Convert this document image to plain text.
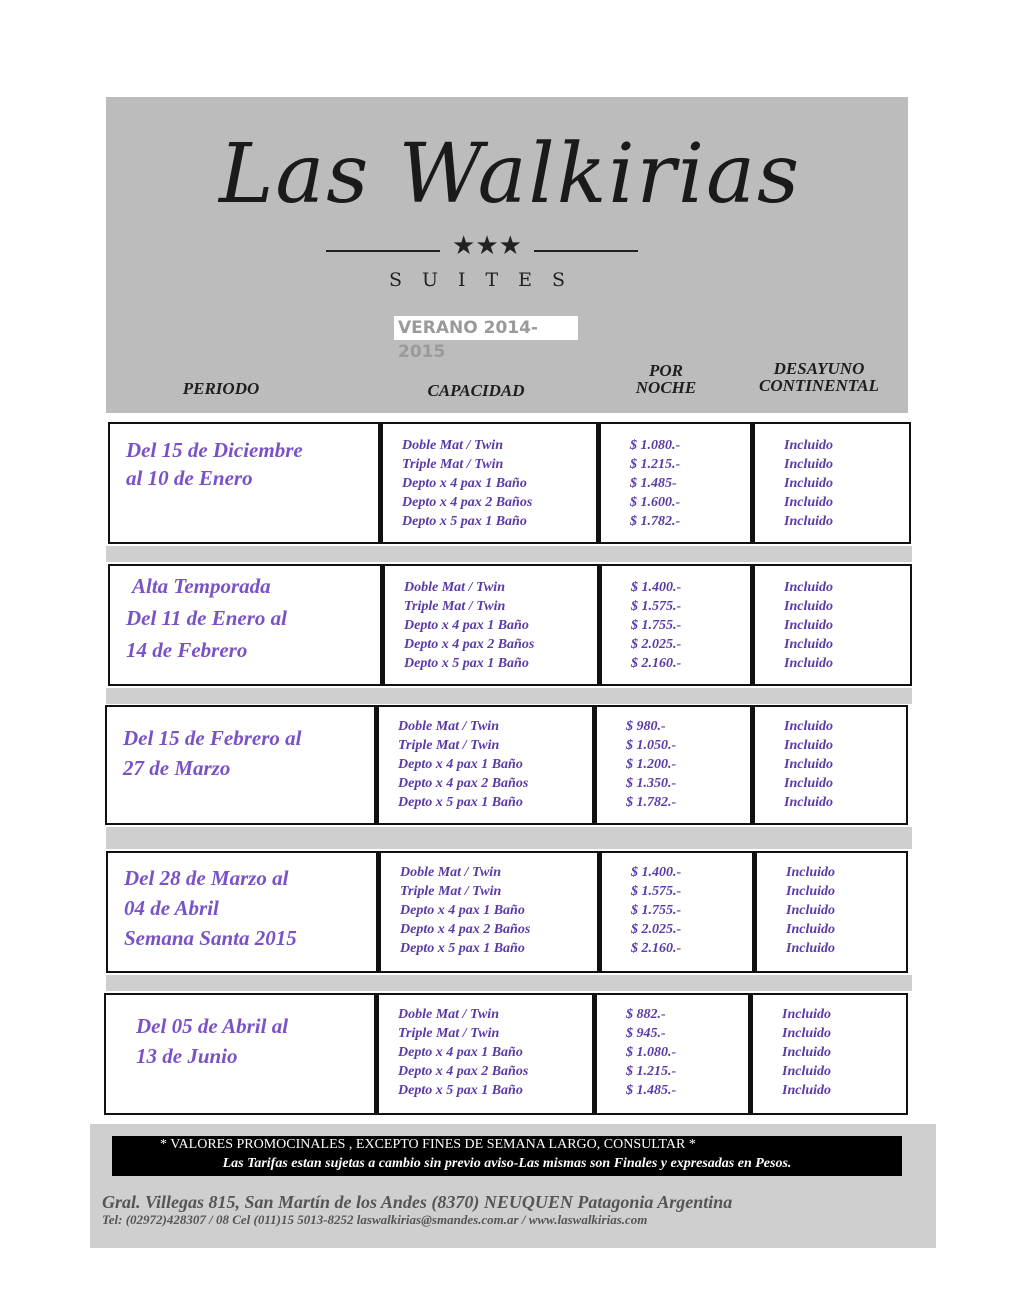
Las Walkirias
★★★
SUITES
VERANO 2014-2015
PERIODO	CAPACIDAD
POR
NOCHE
DESAYUNO
CONTINENTAL
Del 15 de Diciembre
al 10 de Enero
Doble Mat / Twin
Triple Mat / Twin
Depto x 4 pax 1 Baño
Depto x 4 pax 2 Baños
Depto x 5 pax 1 Baño
$ 1.080.-
$ 1.215.-
$ 1.485-
$ 1.600.-
$ 1.782.-
Incluido
Incluido
Incluido
Incluido
Incluido
Alta Temporada
Del 11 de Enero al
14 de Febrero
Doble Mat / Twin
Triple Mat / Twin
Depto x 4 pax 1 Baño
Depto x 4 pax 2 Baños
Depto x 5 pax 1 Baño
$ 1.400.-
$ 1.575.-
$ 1.755.-
$ 2.025.-
$ 2.160.-
Incluido
Incluido
Incluido
Incluido
Incluido
Del 15 de Febrero al
27 de Marzo
Doble Mat / Twin
Triple Mat / Twin
Depto x 4 pax 1 Baño
Depto x 4 pax 2 Baños
Depto x 5 pax 1 Baño
$ 980.-
$ 1.050.-
$ 1.200.-
$ 1.350.-
$ 1.782.-
Incluido
Incluido
Incluido
Incluido
Incluido
Del 28 de Marzo al
04 de Abril
Semana Santa 2015
Doble Mat / Twin
Triple Mat / Twin
Depto x 4 pax 1 Baño
Depto x 4 pax 2 Baños
Depto x 5 pax 1 Baño
$ 1.400.-
$ 1.575.-
$ 1.755.-
$ 2.025.-
$ 2.160.-
Incluido
Incluido
Incluido
Incluido
Incluido
Del 05 de Abril al
13 de Junio
Doble Mat / Twin
Triple Mat / Twin
Depto x 4 pax 1 Baño
Depto x 4 pax 2 Baños
Depto x 5 pax 1 Baño
$ 882.-
$ 945.-
$ 1.080.-
$ 1.215.-
$ 1.485.-
Incluido
Incluido
Incluido
Incluido
Incluido
* VALORES PROMOCINALES , EXCEPTO FINES DE SEMANA LARGO, CONSULTAR *
Las Tarifas estan sujetas a cambio sin previo aviso-Las mismas son Finales y expresadas en Pesos.
Gral. Villegas 815, San Martín de los Andes (8370) NEUQUEN Patagonia Argentina
Tel: (02972)428307 / 08 Cel (011)15 5013-8252 laswalkirias@smandes.com.ar / www.laswalkirias.com
